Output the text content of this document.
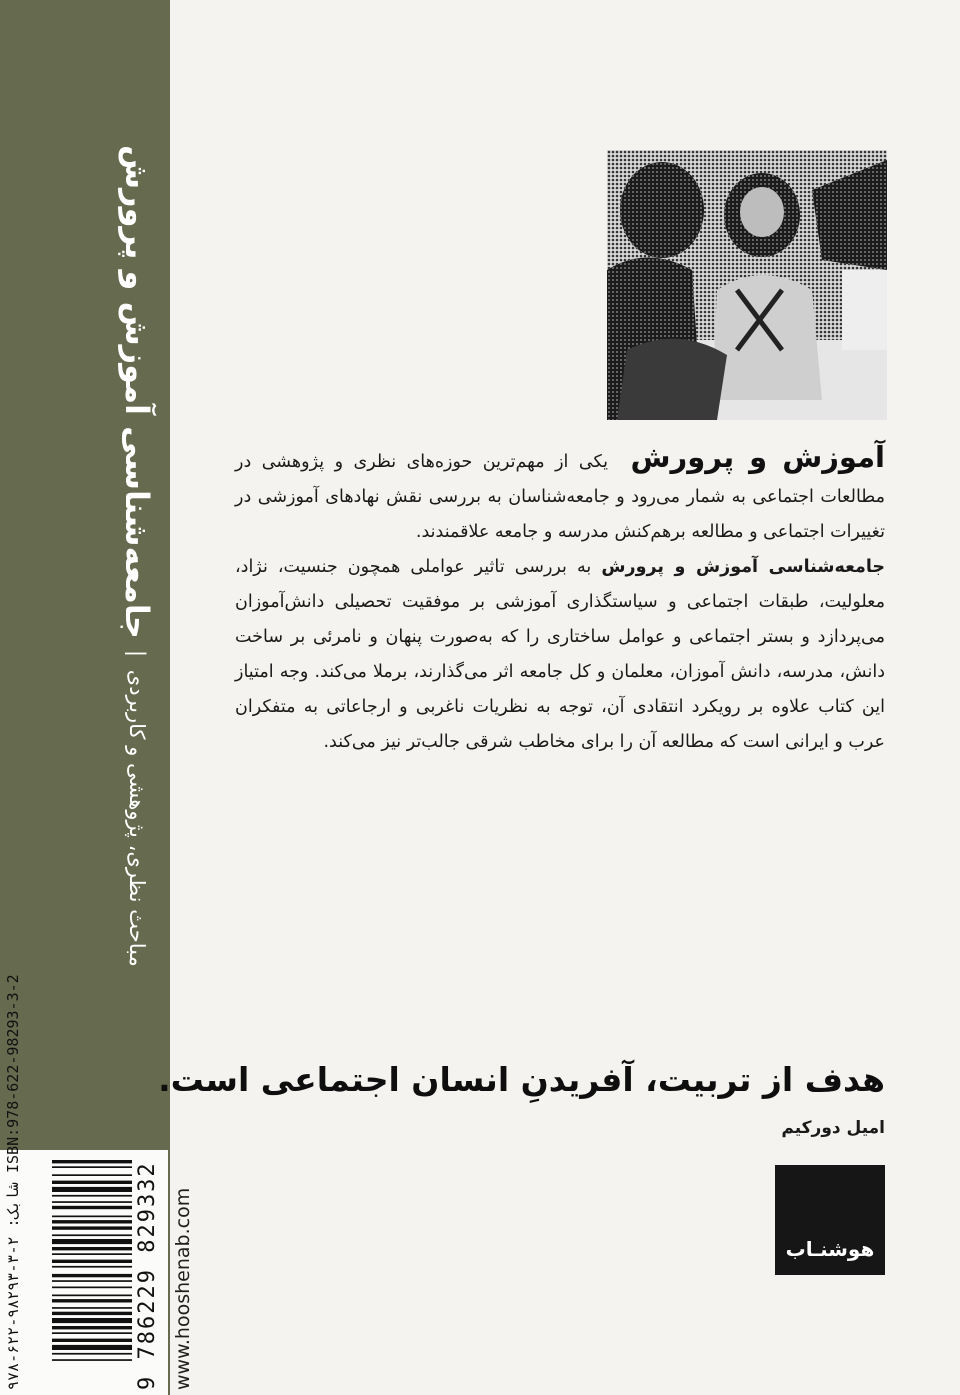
جامعه‌شناسی آموزش و پرورش | مباحث نظری، پژوهشی و کاربردی
شابک: ۲-۳-۹۸۲۹۳-۶۲۲-۹۷۸ ISBN:978-622-98293-3-2
9 786229 829332 www.hooshenab.com

آموزش و پرورش یکی از مهم‌ترین حوزه‌های نظری و پژوهشی در مطالعات اجتماعی به شمار می‌رود و جامعه‌شناسان به بررسی نقش نهادهای آموزشی در تغییرات اجتماعی و مطالعه برهم‌کنش مدرسه و جامعه علاقمندند.

جامعه‌شناسی آموزش و پرورش به بررسی تاثیر عواملی همچون جنسیت، نژاد، معلولیت، طبقات اجتماعی و سیاستگذاری آموزشی بر موفقیت تحصیلی دانش‌آموزان می‌پردازد و بستر اجتماعی و عوامل ساختاری را که به‌صورت پنهان و نامرئی بر ساخت دانش، مدرسه، دانش آموزان، معلمان و کل جامعه اثر می‌گذارند، برملا می‌کند. وجه امتیاز این کتاب علاوه بر رویکرد انتقادی آن، توجه به نظریات ناغربی و ارجاعاتی به متفکران عرب و ایرانی است که مطالعه آن را برای مخاطب شرقی جالب‌تر نیز می‌کند.

هدف از تربیت، آفریدنِ انسان اجتماعی است.
امیل دورکیم
هوشنـاب
